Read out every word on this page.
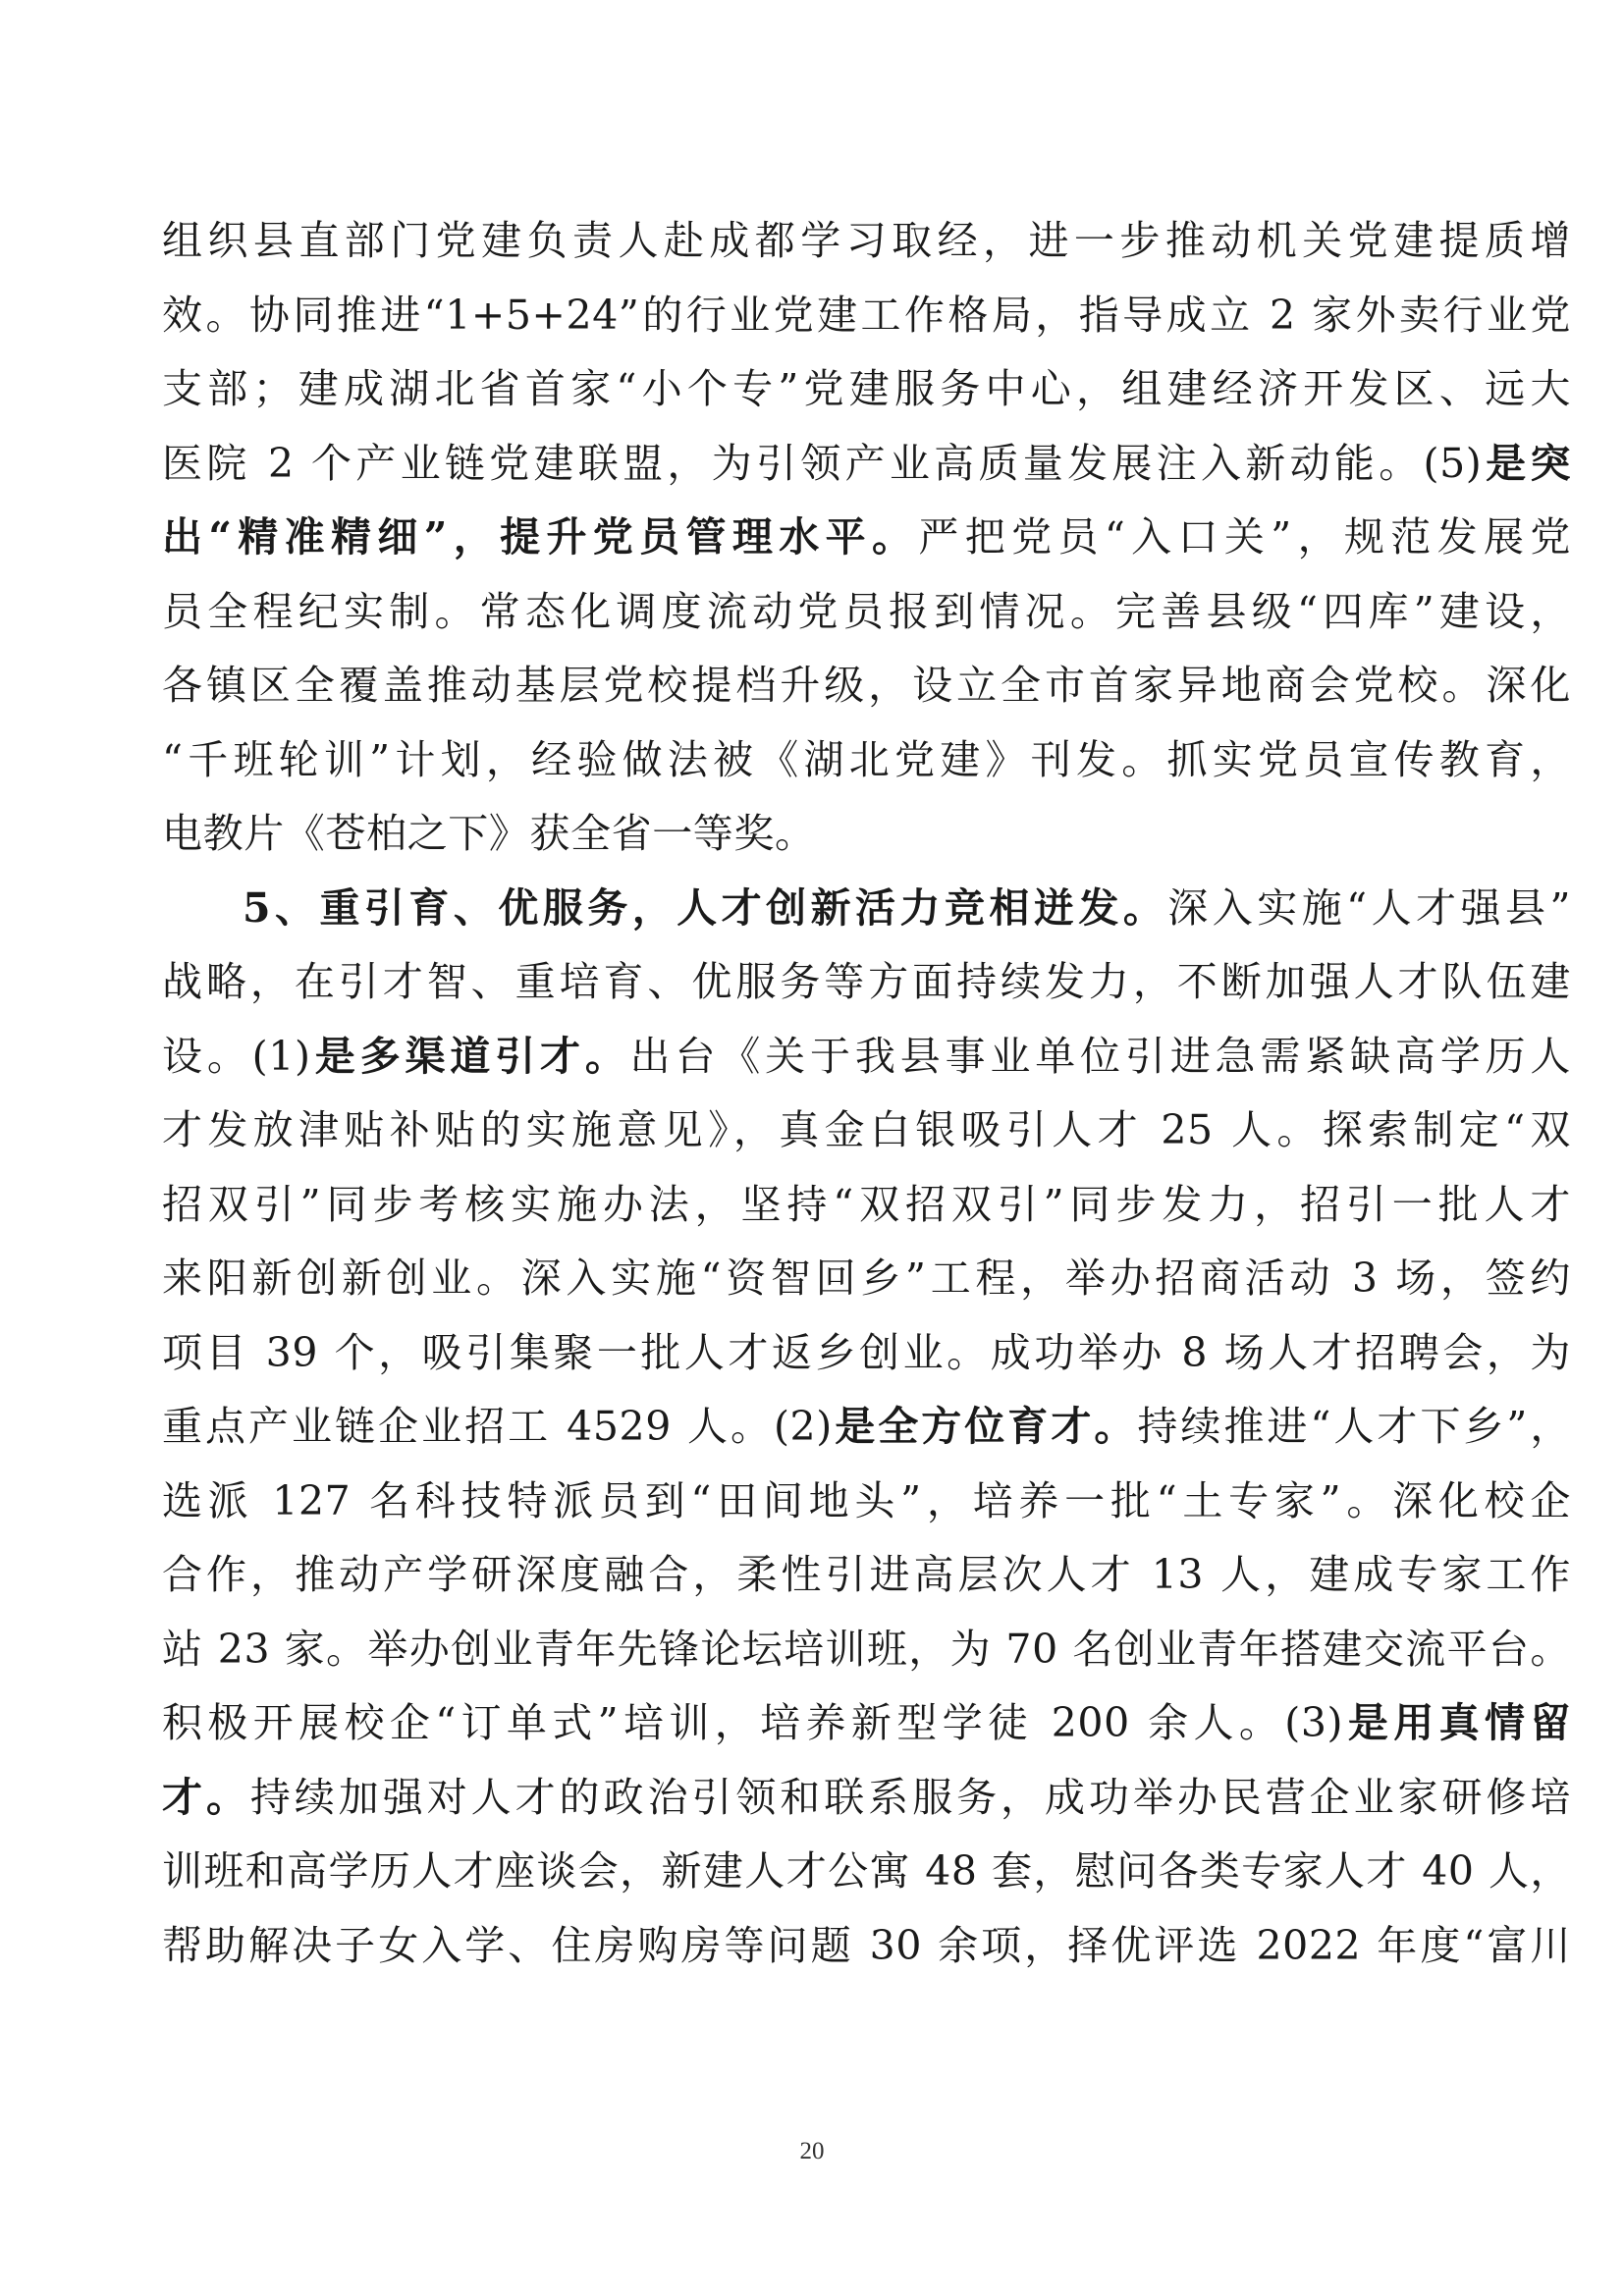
组织县直部门党建负责人赴成都学习取经，进一步推动机关党建提质增
效。协同推进“1+5+24”的行业党建工作格局，指导成立 2 家外卖行业党
支部；建成湖北省首家“小个专”党建服务中心，组建经济开发区、远大
医院 2 个产业链党建联盟，为引领产业高质量发展注入新动能。(5)是突
出“精准精细”，提升党员管理水平。严把党员“入口关”，规范发展党
员全程纪实制。常态化调度流动党员报到情况。完善县级“四库”建设，
各镇区全覆盖推动基层党校提档升级，设立全市首家异地商会党校。深化
“千班轮训”计划，经验做法被《湖北党建》刊发。抓实党员宣传教育，
电教片《苍柏之下》获全省一等奖。
5、重引育、优服务，人才创新活力竞相迸发。深入实施“人才强县”
战略，在引才智、重培育、优服务等方面持续发力，不断加强人才队伍建
设。(1)是多渠道引才。出台《关于我县事业单位引进急需紧缺高学历人
才发放津贴补贴的实施意见》，真金白银吸引人才 25 人。探索制定“双
招双引”同步考核实施办法，坚持“双招双引”同步发力，招引一批人才
来阳新创新创业。深入实施“资智回乡”工程，举办招商活动 3 场，签约
项目 39 个，吸引集聚一批人才返乡创业。成功举办 8 场人才招聘会，为
重点产业链企业招工 4529 人。(2)是全方位育才。持续推进“人才下乡”，
选派 127 名科技特派员到“田间地头”，培养一批“土专家”。深化校企
合作，推动产学研深度融合，柔性引进高层次人才 13 人，建成专家工作
站 23 家。举办创业青年先锋论坛培训班，为 70 名创业青年搭建交流平台。
积极开展校企“订单式”培训，培养新型学徒 200 余人。(3)是用真情留
才。持续加强对人才的政治引领和联系服务，成功举办民营企业家研修培
训班和高学历人才座谈会，新建人才公寓 48 套，慰问各类专家人才 40 人，
帮助解决子女入学、住房购房等问题 30 余项，择优评选 2022 年度“富川
20
